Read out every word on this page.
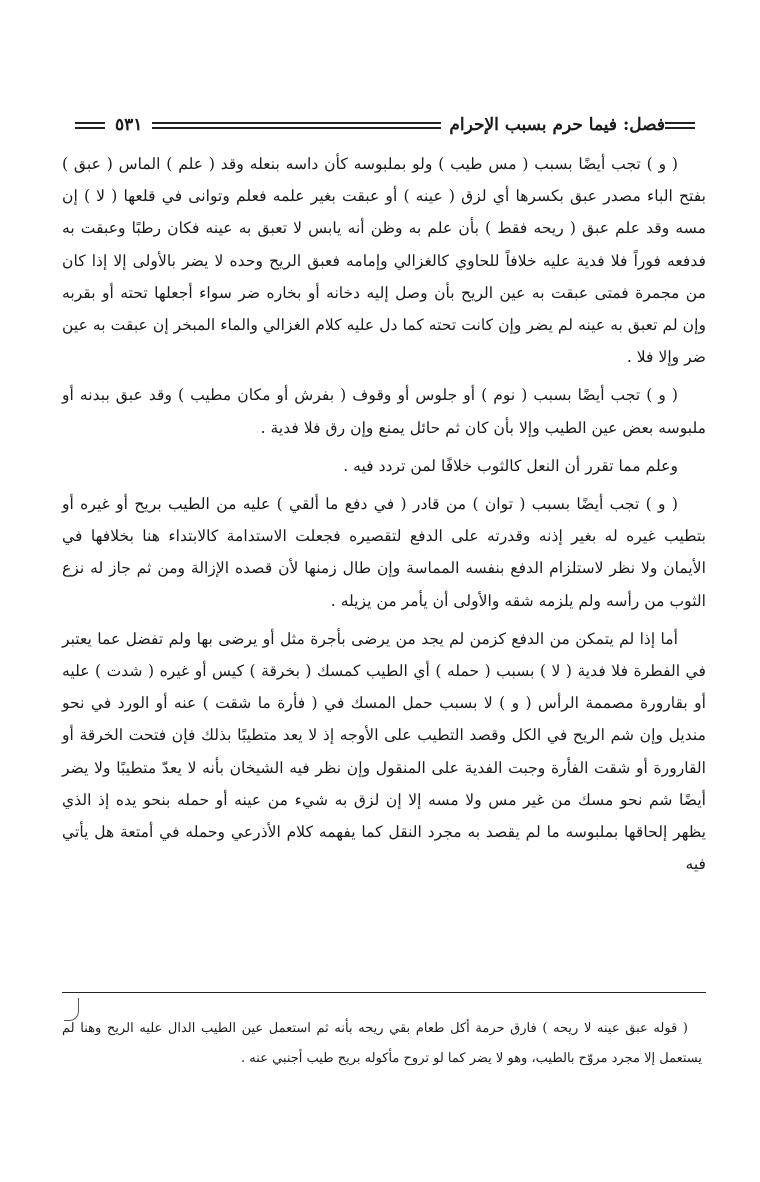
فصل: فيما حرم بسبب الإحرام
٥٣١

( و ) تجب أيضًا بسبب ( مس طيب ) ولو بملبوسه كأن داسه بنعله وقد ( علم ) الماس ( عبق ) بفتح الباء مصدر عبق بكسرها أي لزق ( عينه ) أو عبقت بغير علمه فعلم وتوانى في قلعها ( لا ) إن مسه وقد علم عبق ( ريحه فقط ) بأن علم به وظن أنه يابس لا تعبق به عينه فكان رطبًا وعبقت به فدفعه فوراً فلا فدية عليه خلافاً للحاوي كالغزالي وإمامه فعبق الريح وحده لا يضر بالأولى إلا إذا كان من مجمرة فمتى عبقت به عين الريح بأن وصل إليه دخانه أو بخاره ضر سواء أجعلها تحته أو بقربه وإن لم تعبق به عينه لم يضر وإن كانت تحته كما دل عليه كلام الغزالي والماء المبخر إن عبقت به عين ضر وإلا فلا .

( و ) تجب أيضًا بسبب ( نوم ) أو جلوس أو وقوف ( بفرش أو مكان مطيب ) وقد عبق ببدنه أو ملبوسه بعض عين الطيب وإلا بأن كان ثم حائل يمنع وإن رق فلا فدية .

وعلم مما تقرر أن النعل كالثوب خلافًا لمن تردد فيه .

( و ) تجب أيضًا بسبب ( توان ) من قادر ( في دفع ما ألقي ) عليه من الطيب بريح أو غيره أو بتطيب غيره له بغير إذنه وقدرته على الدفع لتقصيره فجعلت الاستدامة كالابتداء هنا بخلافها في الأيمان ولا نظر لاستلزام الدفع بنفسه المماسة وإن طال زمنها لأن قصده الإزالة ومن ثم جاز له نزع الثوب من رأسه ولم يلزمه شقه والأولى أن يأمر من يزيله .

أما إذا لم يتمكن من الدفع كزمن لم يجد من يرضى بأجرة مثل أو يرضى بها ولم تفضل عما يعتبر في الفطرة فلا فدية ( لا ) بسبب ( حمله ) أي الطيب كمسك ( بخرقة ) كيس أو غيره ( شدت ) عليه أو بقارورة مصممة الرأس ( و ) لا بسبب حمل المسك في ( فأرة ما شقت ) عنه أو الورد في نحو منديل وإن شم الريح في الكل وقصد التطيب على الأوجه إذ لا يعد متطيبًا بذلك فإن فتحت الخرقة أو القارورة أو شقت الفأرة وجبت الفدية على المنقول وإن نظر فيه الشيخان بأنه لا يعدّ متطيبًا ولا يضر أيضًا شم نحو مسك من غير مس ولا مسه إلا إن لزق به شيء من عينه أو حمله بنحو يده إذ الذي يظهر إلحاقها بملبوسه ما لم يقصد به مجرد النقل كما يفهمه كلام الأذرعي وحمله في أمتعة هل يأتي فيه

( قوله عبق عينه لا ريحه ) فارق حرمة أكل طعام بقي ريحه بأنه ثم استعمل عين الطيب الدال عليه الريح وهنا لم يستعمل إلا مجرد مروّح بالطيب، وهو لا يضر كما لو تروح مأكوله بريح طيب أجنبي عنه .
